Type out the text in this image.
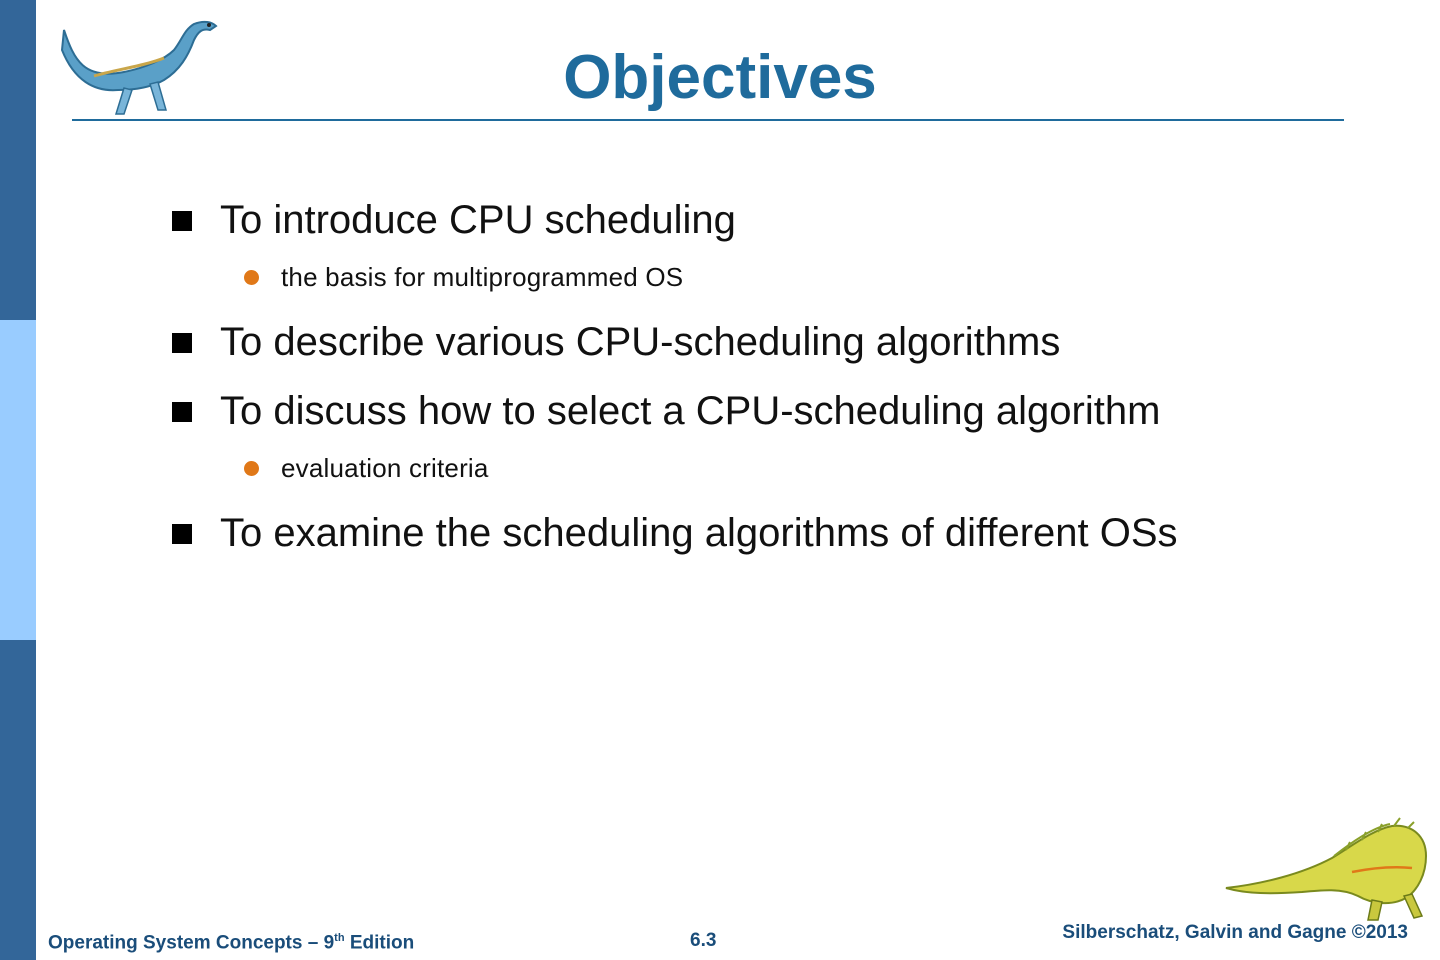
Objectives
To introduce CPU scheduling
the basis for multiprogrammed OS
To describe various CPU-scheduling algorithms
To discuss how to select a CPU-scheduling algorithm
evaluation criteria
To examine the scheduling algorithms of different OSs
Operating System Concepts – 9th Edition	6.3	Silberschatz, Galvin and Gagne ©2013
